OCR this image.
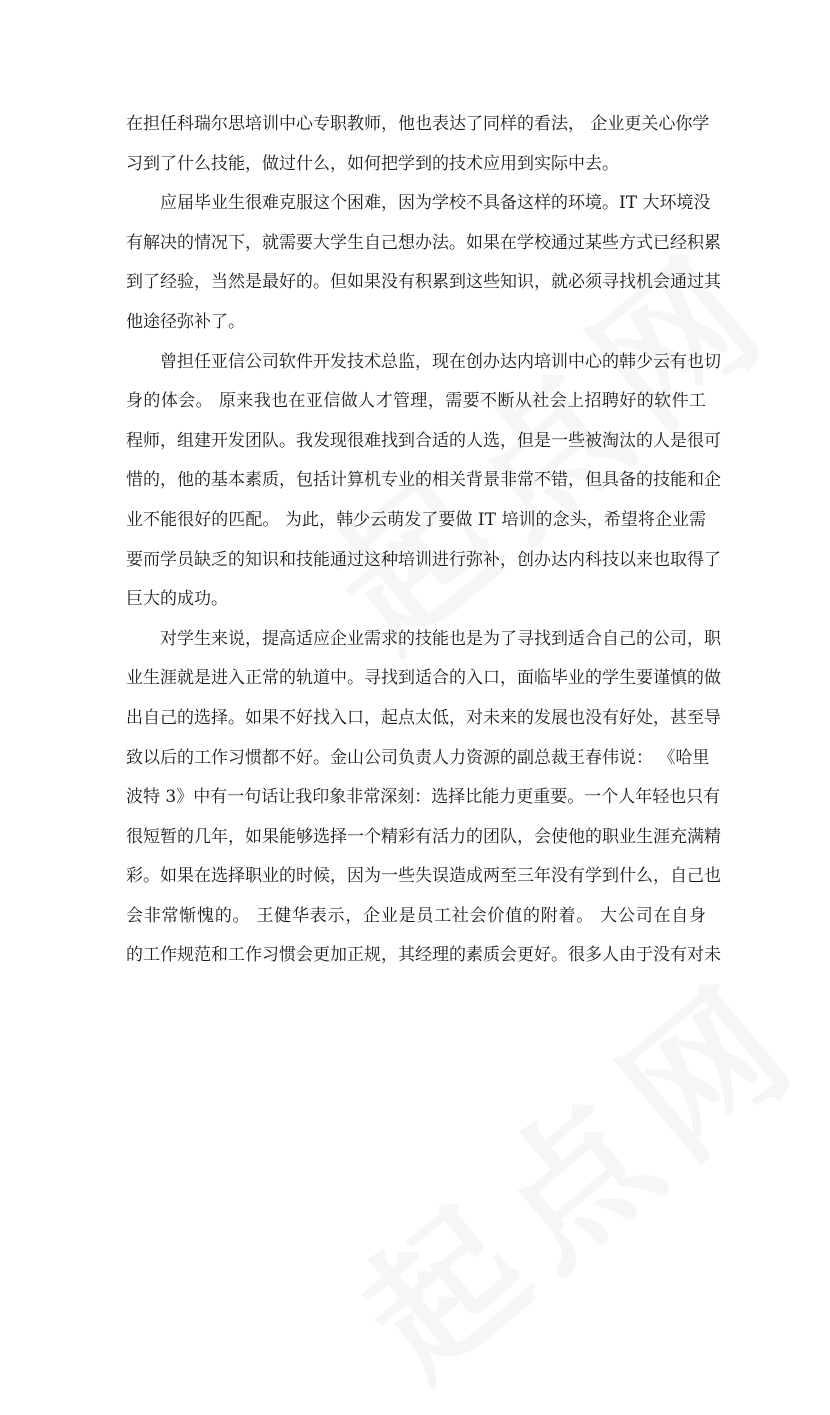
在担任科瑞尔思培训中心专职教师，他也表达了同样的看法， 企业更关心你学
习到了什么技能，做过什么，如何把学到的技术应用到实际中去。
应届毕业生很难克服这个困难，因为学校不具备这样的环境。IT 大环境没
有解决的情况下，就需要大学生自己想办法。如果在学校通过某些方式已经积累
到了经验，当然是最好的。但如果没有积累到这些知识，就必须寻找机会通过其
他途径弥补了。
曾担任亚信公司软件开发技术总监，现在创办达内培训中心的韩少云有也切
身的体会。 原来我也在亚信做人才管理，需要不断从社会上招聘好的软件工
程师，组建开发团队。我发现很难找到合适的人选，但是一些被淘汰的人是很可
惜的，他的基本素质，包括计算机专业的相关背景非常不错，但具备的技能和企
业不能很好的匹配。 为此，韩少云萌发了要做 IT 培训的念头，希望将企业需
要而学员缺乏的知识和技能通过这种培训进行弥补，创办达内科技以来也取得了
巨大的成功。
对学生来说，提高适应企业需求的技能也是为了寻找到适合自己的公司，职
业生涯就是进入正常的轨道中。寻找到适合的入口，面临毕业的学生要谨慎的做
出自己的选择。如果不好找入口，起点太低，对未来的发展也没有好处，甚至导
致以后的工作习惯都不好。金山公司负责人力资源的副总裁王春伟说： 《哈里
波特 3》中有一句话让我印象非常深刻：选择比能力更重要。一个人年轻也只有
很短暂的几年，如果能够选择一个精彩有活力的团队，会使他的职业生涯充满精
彩。如果在选择职业的时候，因为一些失误造成两至三年没有学到什么，自己也
会非常惭愧的。 王健华表示，企业是员工社会价值的附着。 大公司在自身
的工作规范和工作习惯会更加正规，其经理的素质会更好。很多人由于没有对未
